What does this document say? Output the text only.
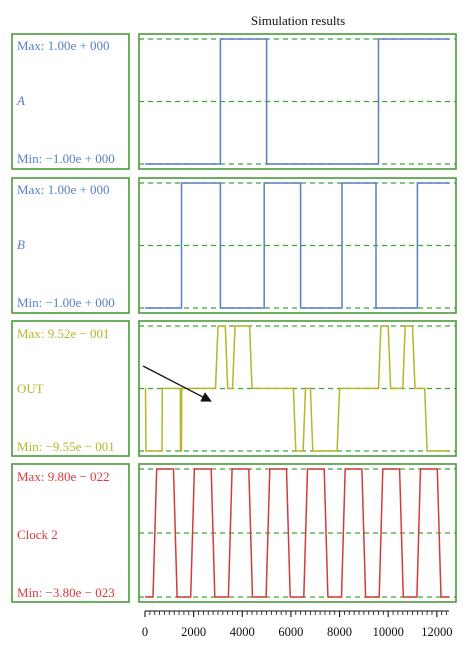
Simulation results
Max: 1.00e + 000
A
Min: −1.00e + 000
Max: 1.00e + 000
B
Min: −1.00e + 000
Max: 9.52e − 001
OUT
Min: −9.55e − 001
Max: 9.80e − 022
Clock 2
Min: −3.80e − 023
0	2000 4000 6000 8000 10000 12000
